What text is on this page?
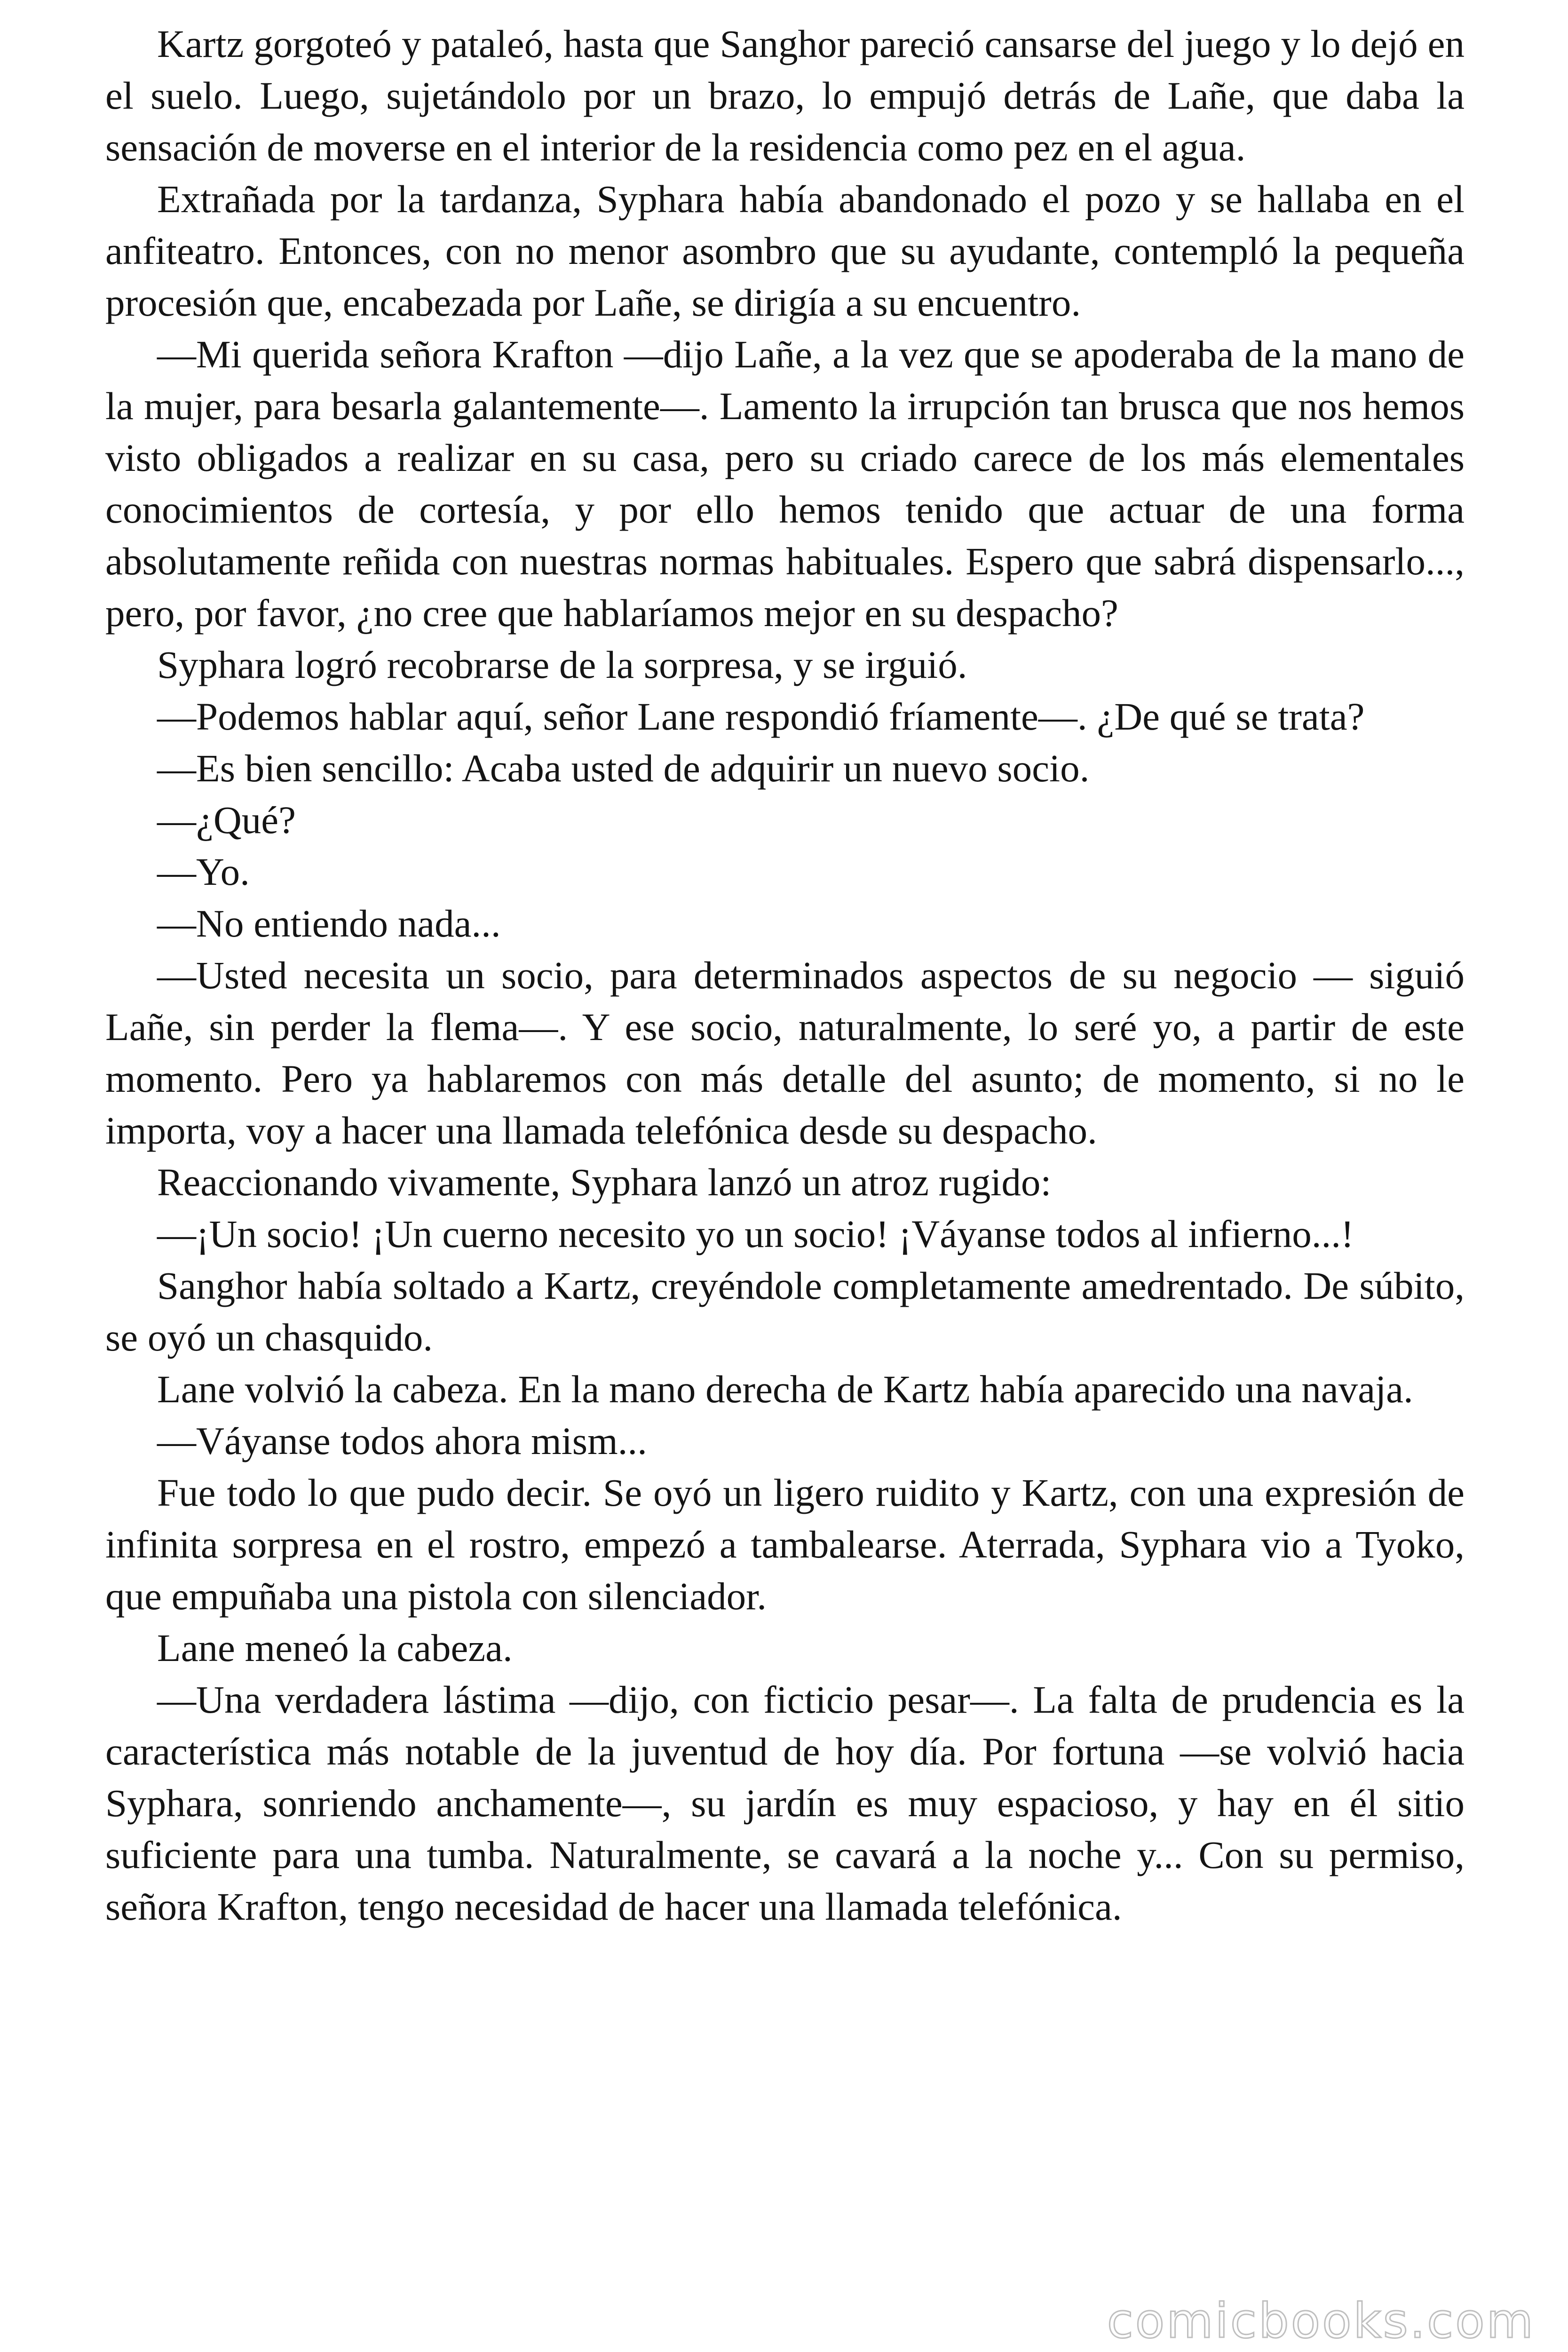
Kartz gorgoteó y pataleó, hasta que Sanghor pareció cansarse del juego y lo dejó en el suelo. Luego, sujetándolo por un brazo, lo empujó detrás de Lañe, que daba la sensación de moverse en el interior de la residencia como pez en el agua.

Extrañada por la tardanza, Syphara había abandonado el pozo y se hallaba en el anfiteatro. Entonces, con no menor asombro que su ayudante, contempló la pequeña procesión que, encabezada por Lañe, se dirigía a su encuentro.

—Mi querida señora Krafton —dijo Lañe, a la vez que se apoderaba de la mano de la mujer, para besarla galantemente—. Lamento la irrupción tan brusca que nos hemos visto obligados a realizar en su casa, pero su criado carece de los más elementales conocimientos de cortesía, y por ello hemos tenido que actuar de una forma absolutamente reñida con nuestras normas habituales. Espero que sabrá dispensarlo..., pero, por favor, ¿no cree que hablaríamos mejor en su despacho?

Syphara logró recobrarse de la sorpresa, y se irguió.

—Podemos hablar aquí, señor Lane respondió fríamente—. ¿De qué se trata?

—Es bien sencillo: Acaba usted de adquirir un nuevo socio.

—¿Qué?

—Yo.

—No entiendo nada...

—Usted necesita un socio, para determinados aspectos de su negocio — siguió Lañe, sin perder la flema—. Y ese socio, naturalmente, lo seré yo, a partir de este momento. Pero ya hablaremos con más detalle del asunto; de momento, si no le importa, voy a hacer una llamada telefónica desde su despacho.

Reaccionando vivamente, Syphara lanzó un atroz rugido:

—¡Un socio! ¡Un cuerno necesito yo un socio! ¡Váyanse todos al infierno...!

Sanghor había soltado a Kartz, creyéndole completamente amedrentado. De súbito, se oyó un chasquido.

Lane volvió la cabeza. En la mano derecha de Kartz había aparecido una navaja.

—Váyanse todos ahora mism...

Fue todo lo que pudo decir. Se oyó un ligero ruidito y Kartz, con una expresión de infinita sorpresa en el rostro, empezó a tambalearse. Aterrada, Syphara vio a Tyoko, que empuñaba una pistola con silenciador.

Lane meneó la cabeza.

—Una verdadera lástima —dijo, con ficticio pesar—. La falta de prudencia es la característica más notable de la juventud de hoy día. Por fortuna —se volvió hacia Syphara, sonriendo anchamente—, su jardín es muy espacioso, y hay en él sitio suficiente para una tumba. Naturalmente, se cavará a la noche y... Con su permiso, señora Krafton, tengo necesidad de hacer una llamada telefónica.

comicbooks.com
